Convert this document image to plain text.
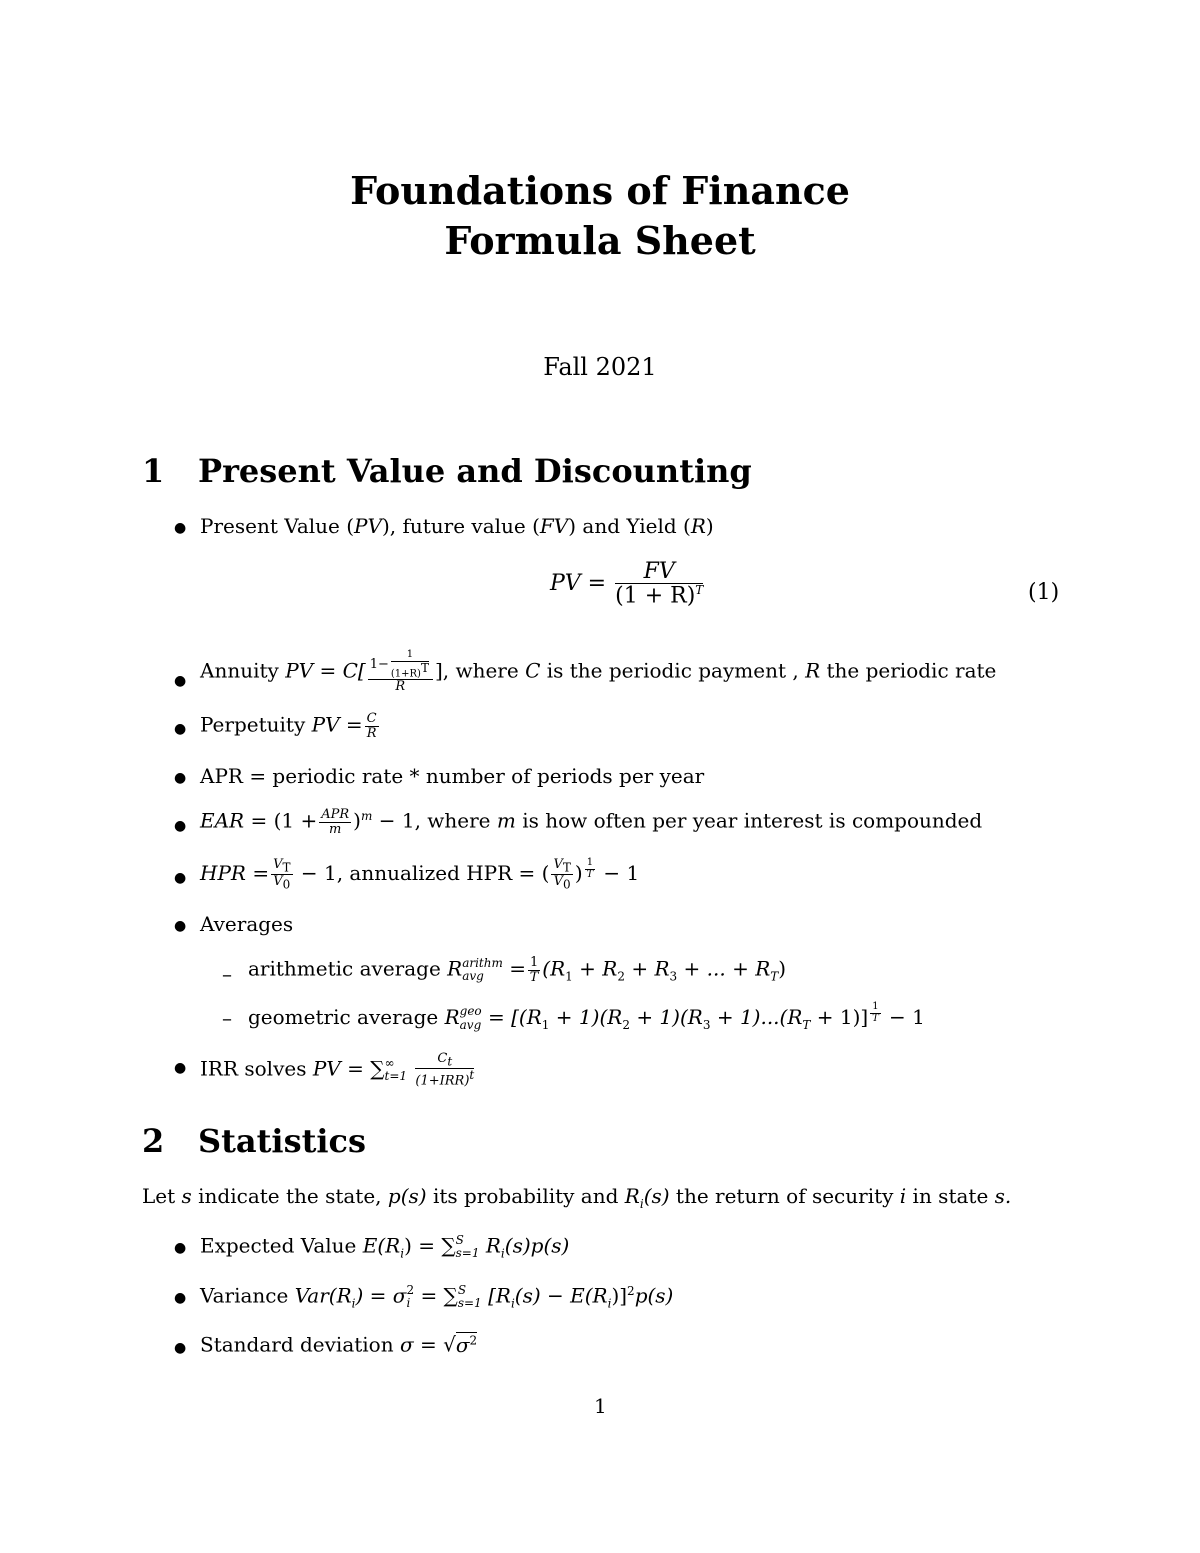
Foundations of Finance
Formula Sheet
Fall 2021
1 Present Value and Discounting
● Present Value (PV), future value (FV) and Yield (R)
PV = $\frac{FV}{(1 + R)^T}$	(1)
● Annuity PV = $C[ \frac{1- \frac{1}{(1+R)^T}}{R}$ ], where C is the periodic payment , R the periodic rate
● Perpetuity PV = $\frac{C}{R}$
● APR = periodic rate * number of periods per year
● EAR = $(1 + \frac{\text{APR}}{m} )^m - 1$, where m is how often per year interest is compounded
● HPR = $\frac{V_T}{V_0} - 1$, annualized HPR = ( $\frac{V_T}{V_0}$ ) $^{\frac{1}{T}}$ − 1
● Averages
– arithmetic average R arithm
avg	= $\frac{1}{T} (R_1 + R_2 + R_3$ + ... + $R_T$)
– geometric average R geo
avg = $[(R_1 + 1)(R_2 + 1)(R_3 + 1)...(R_T + 1)] ^{\frac{1}{T}} - 1$
● IRR solves PV = ∑ ∞
t=1
$\frac{C_t}{(1+IRR)^t}$
2 Statistics
Let s indicate the state, p(s) its probability and $R_i(s)$ the return of security i in state s.
● Expected Value $E(R_i)$ = ∑ S
s=1 $R_i(s)p(s)$
● Variance $Var(R_i) = \sigma$ 2
i = ∑ S
s=1 $[R_i(s) - E(R_i)]^2p(s)$
● Standard deviation $\sigma = √\sigma^2$
1
